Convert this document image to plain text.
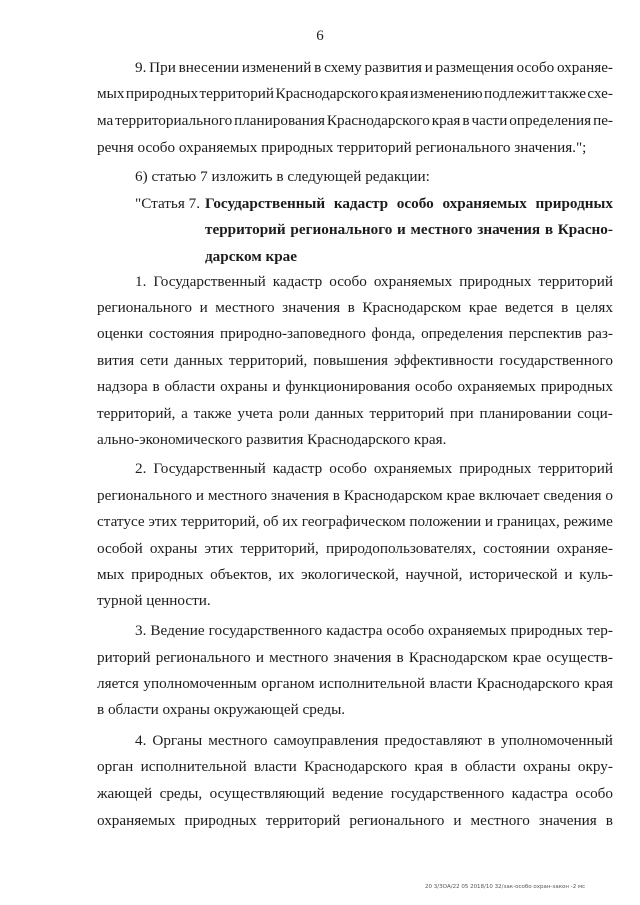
6
9. При внесении изменений в схему развития и размещения особо охраняе-
мых природных территорий Краснодарского края изменению подлежит также схе-
ма территориального планирования Краснодарского края в части определения пе-
речня особо охраняемых природных территорий регионального значения.";
6) статью 7 изложить в следующей редакции:
"Статья 7. Государственный кадастр особо охраняемых природных
территорий регионального и местного значения в Красно-
дарском крае
1. Государственный кадастр особо охраняемых природных территорий
регионального и местного значения в Краснодарском крае ведется в целях
оценки состояния природно-заповедного фонда, определения перспектив раз-
вития сети данных территорий, повышения эффективности государственного
надзора в области охраны и функционирования особо охраняемых природных
территорий, а также учета роли данных территорий при планировании соци-
ально-экономического развития Краснодарского края.
2. Государственный кадастр особо охраняемых природных территорий
регионального и местного значения в Краснодарском крае включает сведения о
статусе этих территорий, об их географическом положении и границах, режиме
особой охраны этих территорий, природопользователях, состоянии охраняе-
мых природных объектов, их экологической, научной, исторической и куль-
турной ценности.
3. Ведение государственного кадастра особо охраняемых природных тер-
риторий регионального и местного значения в Краснодарском крае осуществ-
ляется уполномоченным органом исполнительной власти Краснодарского края
в области охраны окружающей среды.
4. Органы местного самоуправления предоставляют в уполномоченный
орган исполнительной власти Краснодарского края в области охраны окру-
жающей среды, осуществляющий ведение государственного кадастра особо
охраняемых природных территорий регионального и местного значения в
20 3/ЗОА/22 05 2018/10 32/зак-особо охран-закон -2 мс
